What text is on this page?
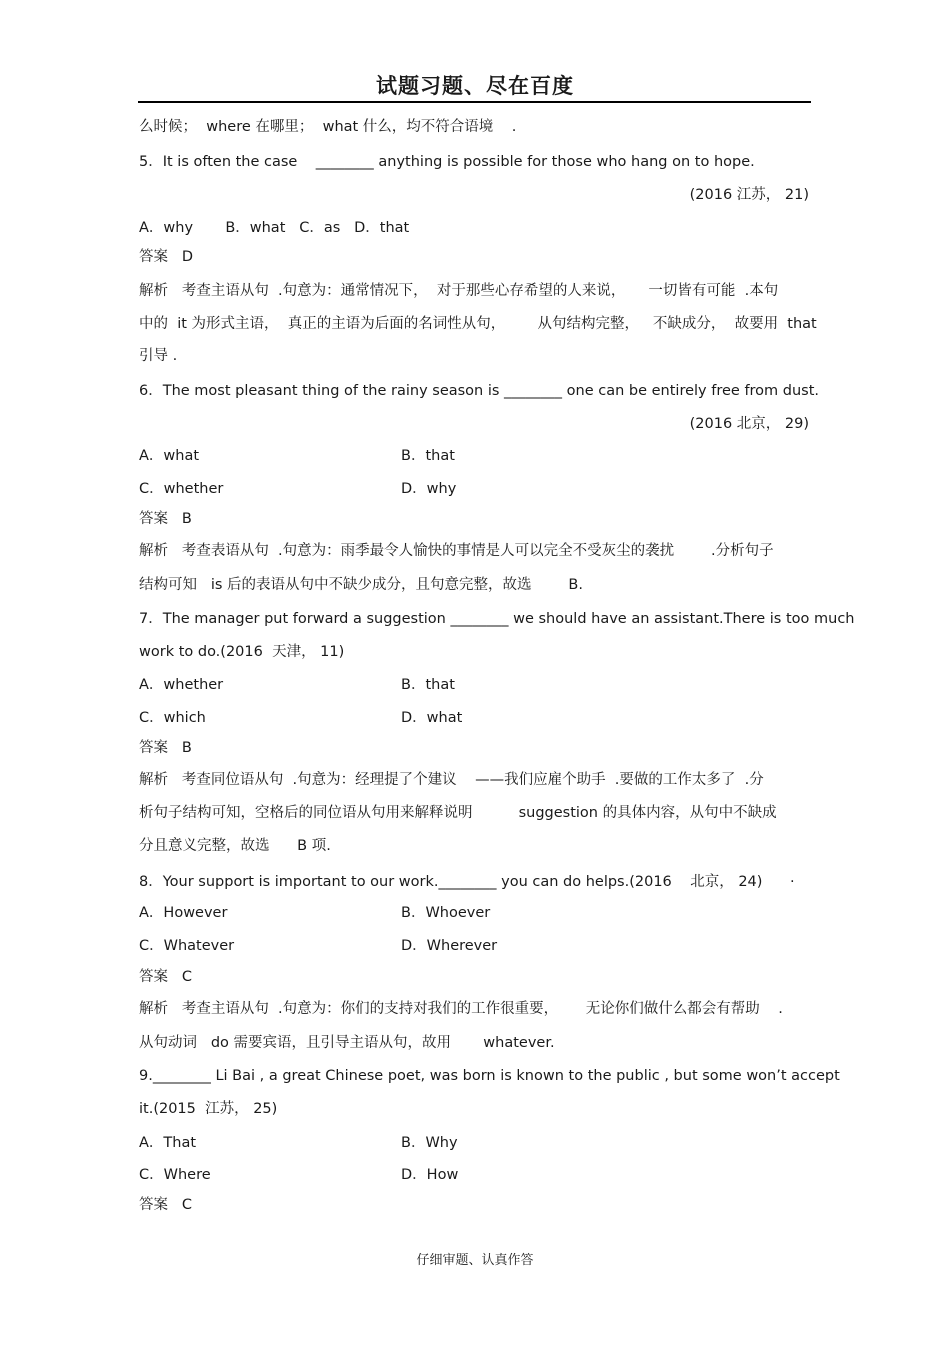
试题习题、尽在百度
么时候；  where 在哪里；  what 什么，均不符合语境    .
5．It is often the case    ________ anything is possible for those who hang on to hope.
(2016 江苏， 21)
A．why       B．what   C．as   D．that
答案   D
解析   考查主语从句  .句意为：通常情况下，  对于那些心存希望的人来说，     一切皆有可能  .本句
中的  it 为形式主语，  真正的主语为后面的名词性从句，       从句结构完整，   不缺成分，  故要用  that
引导 .
6．The most pleasant thing of the rainy season is ________ one can be entirely free from dust.
(2016 北京， 29)
A．what	B．that
C．whether	D．why
答案   B
解析   考查表语从句  .句意为：雨季最令人愉快的事情是人可以完全不受灰尘的袭扰        .分析句子
结构可知   is 后的表语从句中不缺少成分，且句意完整，故选        B.
7．The manager put forward a suggestion ________ we should have an assistant.There is too much
work to do.(2016  天津， 11)
A．whether	B．that
C．which	D．what
答案   B
解析   考查同位语从句  .句意为：经理提了个建议    ——我们应雇个助手  .要做的工作太多了  .分
析句子结构可知，空格后的同位语从句用来解释说明          suggestion 的具体内容，从句中不缺成
分且意义完整，故选      B 项.
8．Your support is important to our work.________ you can do helps.(2016    北京， 24) ·
A．However	B．Whoever
C．Whatever	D．Wherever
答案   C
解析   考查主语从句  .句意为：你们的支持对我们的工作很重要，      无论你们做什么都会有帮助    .
从句动词   do 需要宾语，且引导主语从句，故用       whatever.
9.________ Li Bai , a great Chinese poet, was born is known to the public , but some won’t accept
it.(2015  江苏， 25)
A．That	B．Why
C．Where	D．How
答案   C
仔细审题、认真作答
